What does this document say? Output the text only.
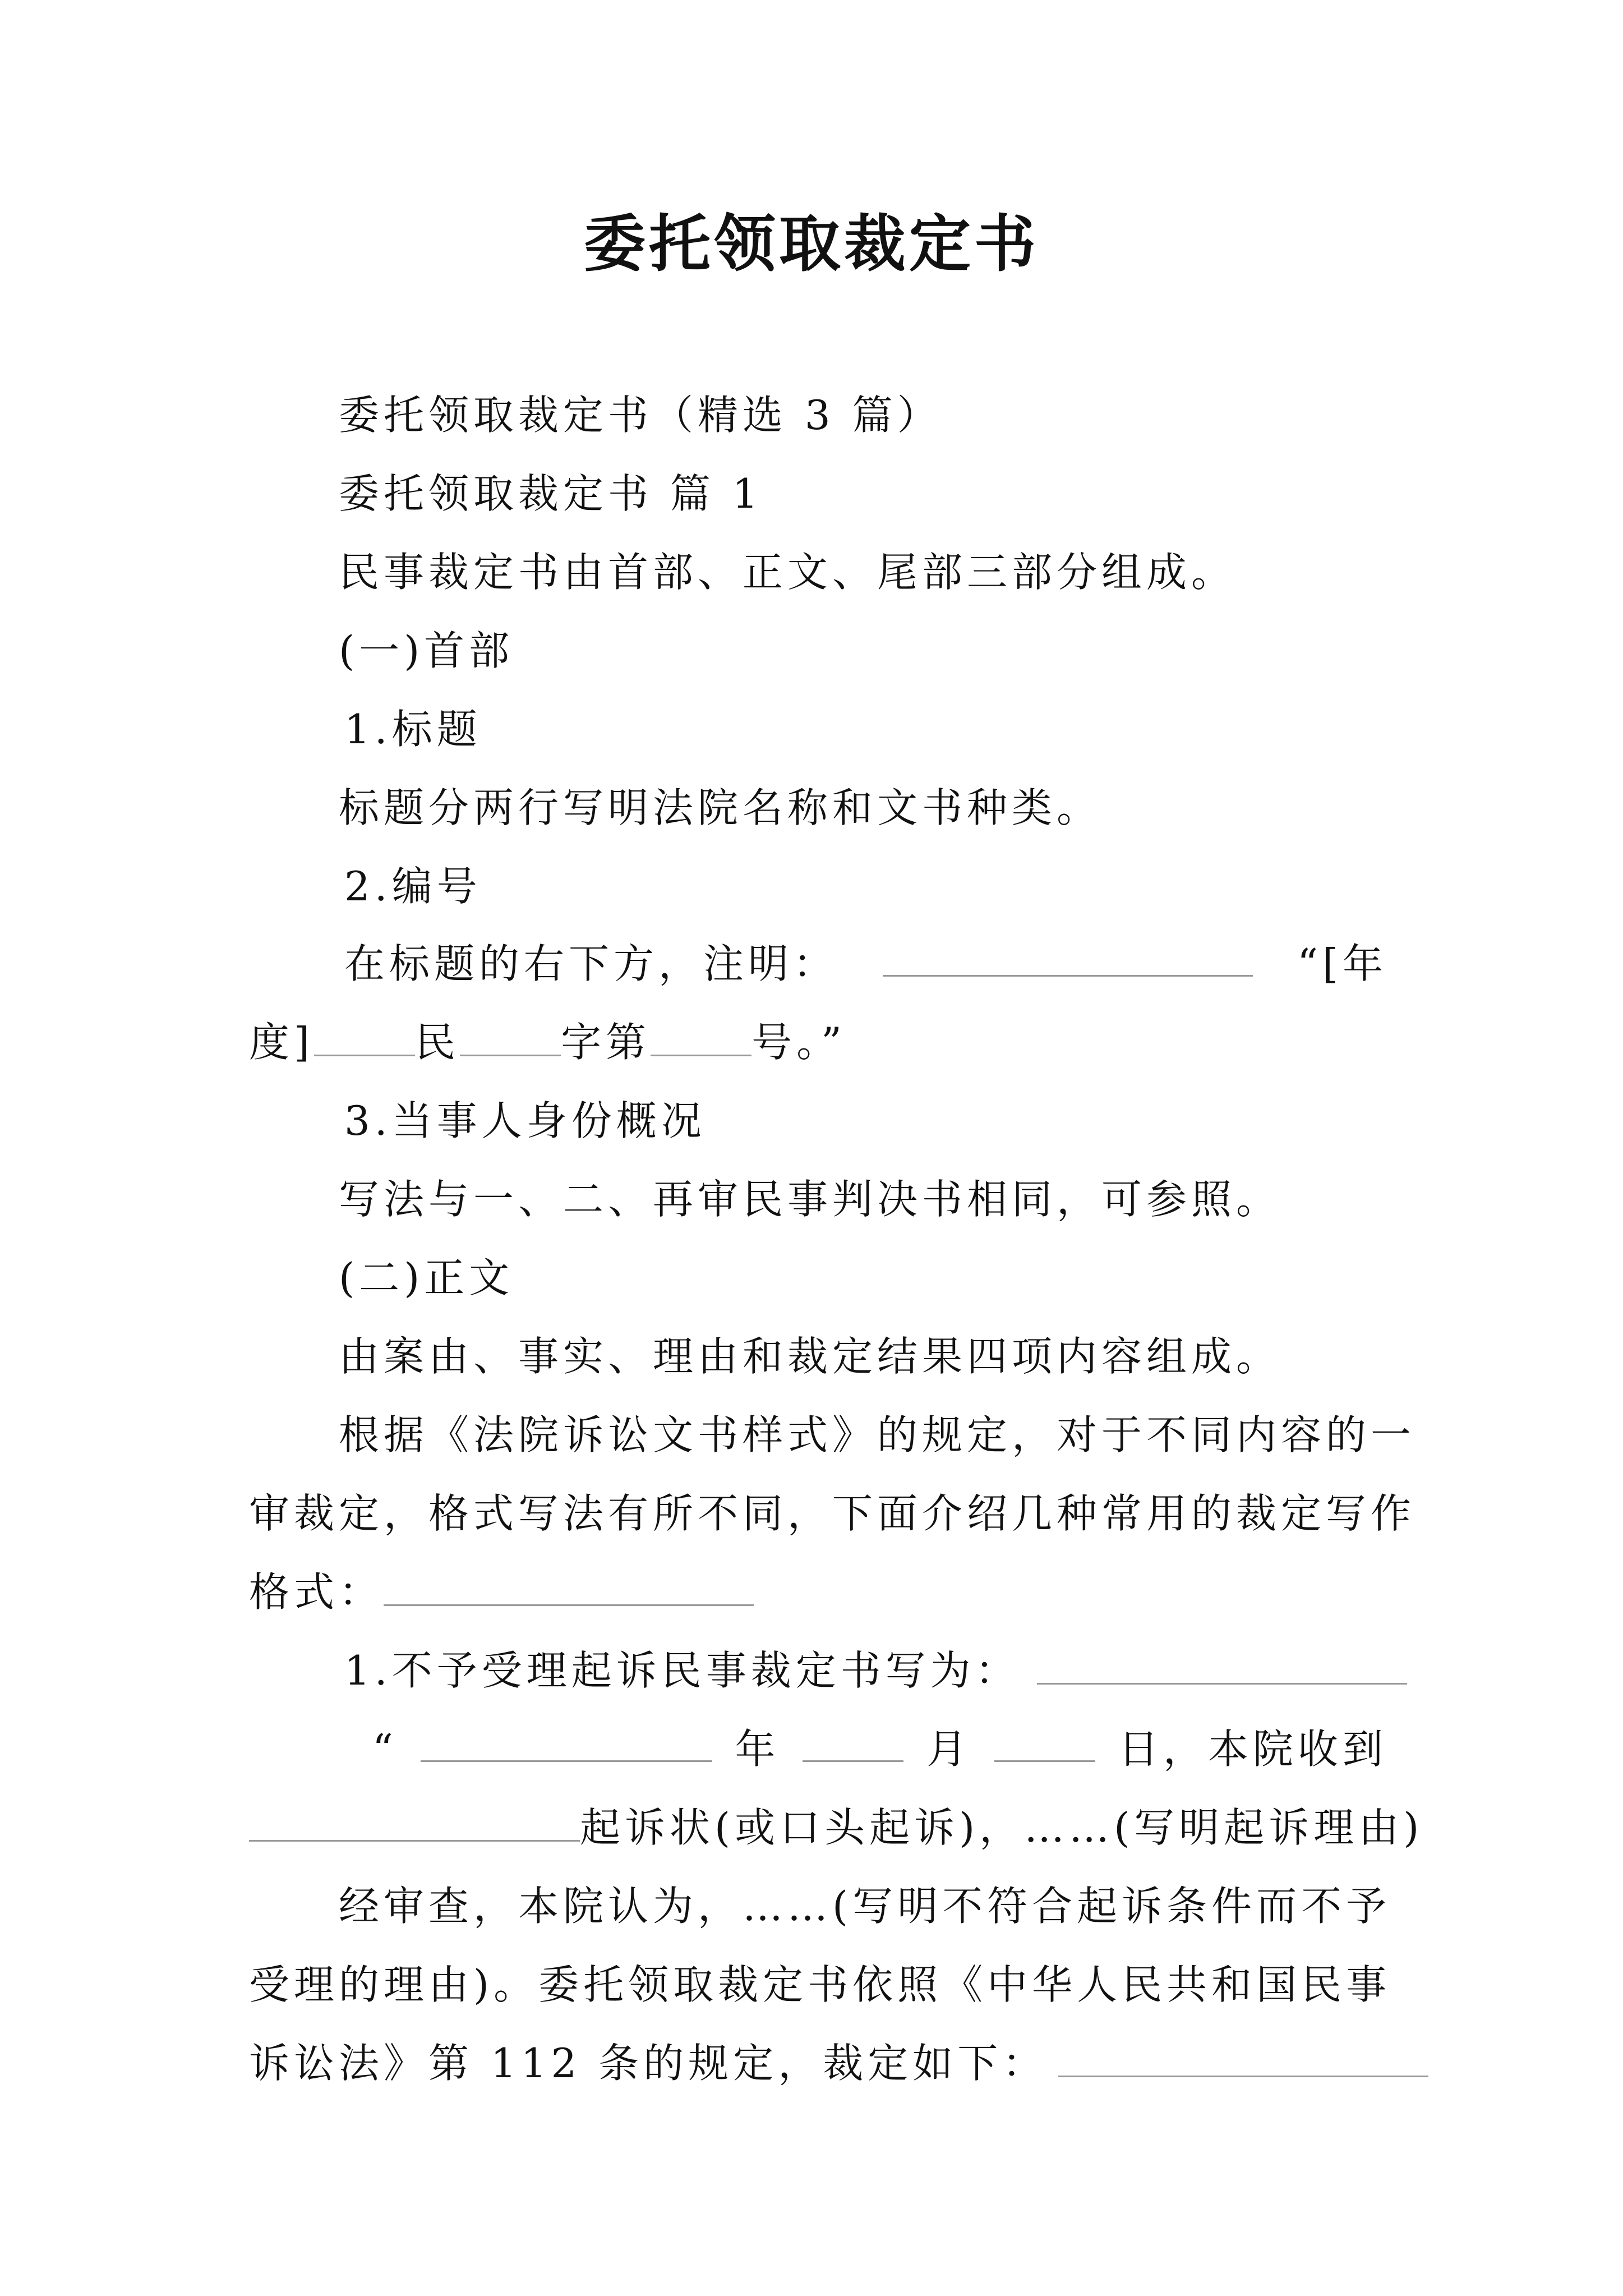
委托领取裁定书
委托领取裁定书（精选 3 篇）
委托领取裁定书 篇 1
民事裁定书由首部、正文、尾部三部分组成。
(一)首部
1.标题
标题分两行写明法院名称和文书种类。
2.编号
在标题的右下方，注明：	“[年
度]	民	字第	号。”
3.当事人身份概况
写法与一、二、再审民事判决书相同，可参照。
(二)正文
由案由、事实、理由和裁定结果四项内容组成。
根据《法院诉讼文书样式》的规定，对于不同内容的一
审裁定，格式写法有所不同，下面介绍几种常用的裁定写作
格式：
1.不予受理起诉民事裁定书写为：
“	年	月	日，本院收到
起诉状(或口头起诉)，……(写明起诉理由)
经审查，本院认为，……(写明不符合起诉条件而不予
受理的理由)。委托领取裁定书依照《中华人民共和国民事
诉讼法》第 112 条的规定，裁定如下：
